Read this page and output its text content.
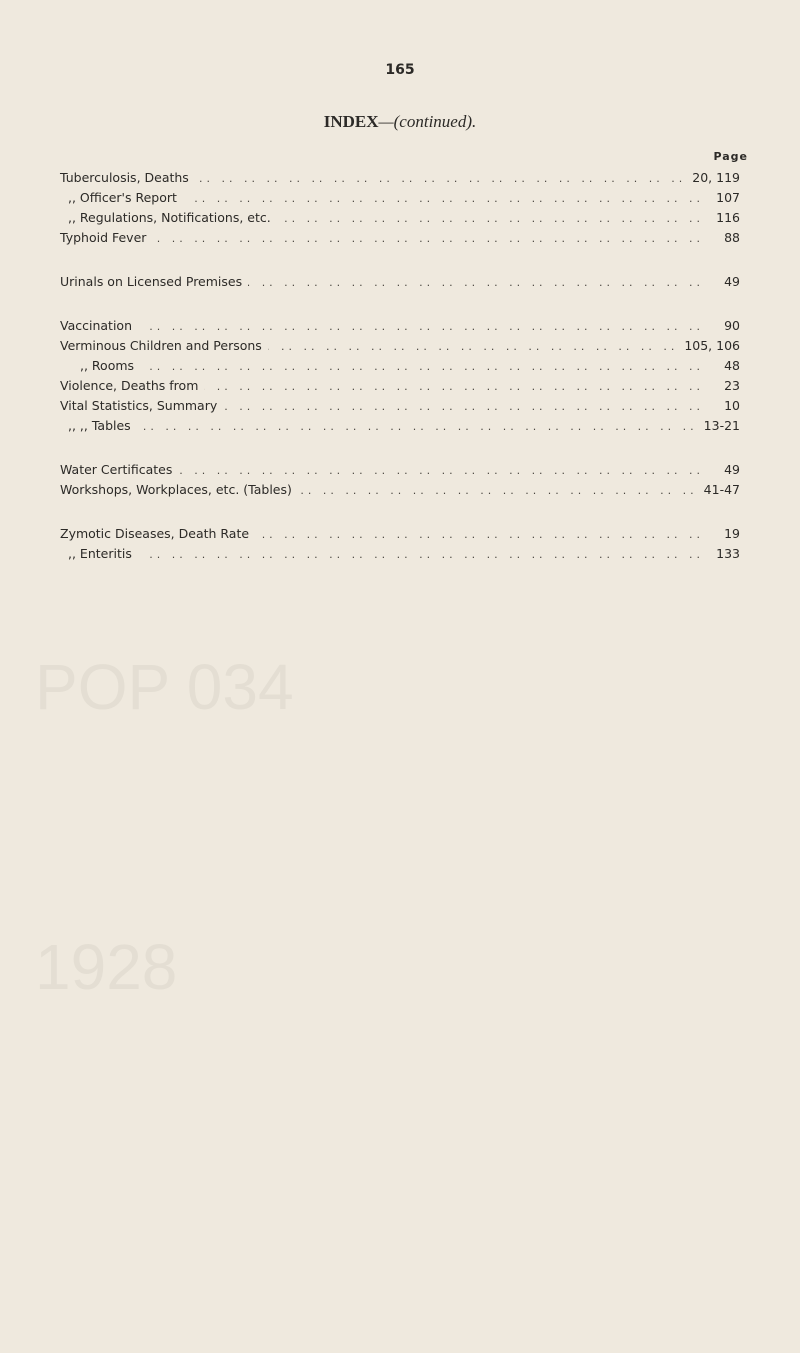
165
INDEX—(continued).
Page
Tuberculosis, Deaths .. ..	20, 119
,, Officer's Report .. ..	107
,, Regulations, Notifications, etc. .. ..	116
Typhoid Fever .. ..	88
Urinals on Licensed Premises .. ..	49
Vaccination .. ..	90
Verminous Children and Persons .. ..	105, 106
,, Rooms .. ..	48
Violence, Deaths from .. ..	23
Vital Statistics, Summary .. ..	10
,, ,, Tables .. ..	13-21
Water Certificates .. ..	49
Workshops, Workplaces, etc. (Tables) .. ..	41-47
Zymotic Diseases, Death Rate .. ..	19
,, Enteritis .. ..	133
POP 034
1928
